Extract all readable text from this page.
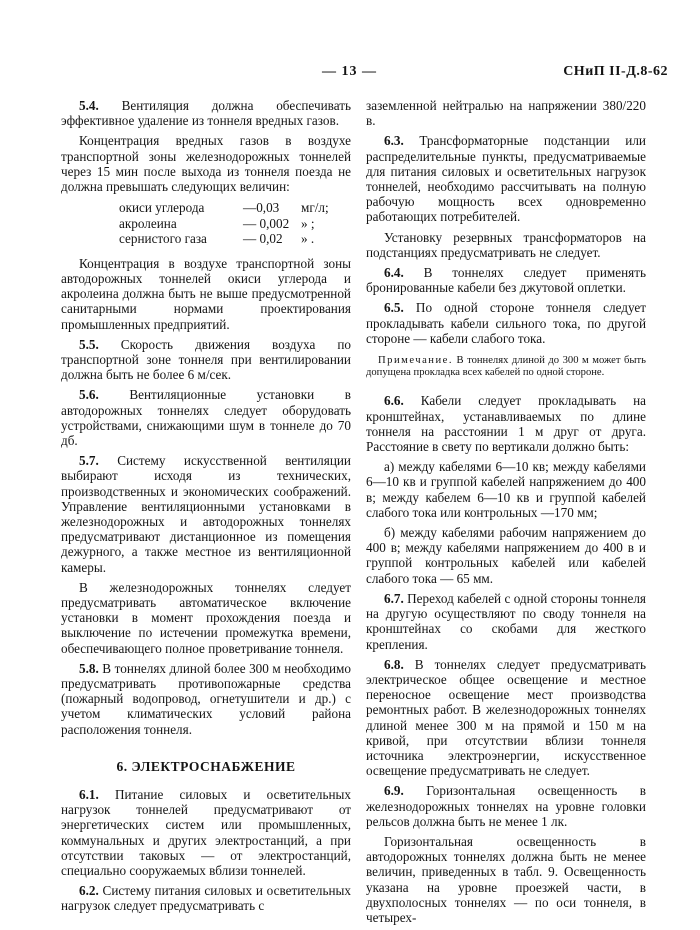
— 13 —	СНиП II-Д.8-62

5.4. Вентиляция должна обеспечивать эффективное удаление из тоннеля вредных газов.

Концентрация вредных газов в воздухе транспортной зоны железнодорожных тоннелей через 15 мин после выхода из тоннеля поезда не должна превышать следующих величин:

окиси углерода	—0,03	мг/л;
акролеина	— 0,002 » ;
сернистого газа	— 0,02	» .

Концентрация в воздухе транспортной зоны автодорожных тоннелей окиси углерода и акролеина должна быть не выше предусмотренной санитарными нормами проектирования промышленных предприятий.

5.5. Скорость движения воздуха по транспортной зоне тоннеля при вентилировании должна быть не более 6 м/сек.

5.6. Вентиляционные установки в автодорожных тоннелях следует оборудовать устройствами, снижающими шум в тоннеле до 70 дб.

5.7. Систему искусственной вентиляции выбирают исходя из технических, производственных и экономических соображений. Управление вентиляционными установками в железнодорожных и автодорожных тоннелях предусматривают дистанционное из помещения дежурного, а также местное из вентиляционной камеры.

В железнодорожных тоннелях следует предусматривать автоматическое включение установки в момент прохождения поезда и выключение по истечении промежутка времени, обеспечивающего полное проветривание тоннеля.

5.8. В тоннелях длиной более 300 м необходимо предусматривать противопожарные средства (пожарный водопровод, огнетушители и др.) с учетом климатических условий района расположения тоннеля.

6. ЭЛЕКТРОСНАБЖЕНИЕ

6.1. Питание силовых и осветительных нагрузок тоннелей предусматривают от энергетических систем или промышленных, коммунальных и других электростанций, а при отсутствии таковых — от электростанций, специально сооружаемых вблизи тоннелей.

6.2. Систему питания силовых и осветительных нагрузок следует предусматривать с

заземленной нейтралью на напряжении 380/220 в.

6.3. Трансформаторные подстанции или распределительные пункты, предусматриваемые для питания силовых и осветительных нагрузок тоннелей, необходимо рассчитывать на полную рабочую мощность всех одновременно работающих потребителей.

Установку резервных трансформаторов на подстанциях предусматривать не следует.

6.4. В тоннелях следует применять бронированные кабели без джутовой оплетки.

6.5. По одной стороне тоннеля следует прокладывать кабели сильного тока, по другой стороне — кабели слабого тока.

Примечание. В тоннелях длиной до 300 м может быть допущена прокладка всех кабелей по одной стороне.

6.6. Кабели следует прокладывать на кронштейнах, устанавливаемых по длине тоннеля на расстоянии 1 м друг от друга. Расстояние в свету по вертикали должно быть:

а) между кабелями 6—10 кв; между кабелями 6—10 кв и группой кабелей напряжением до 400 в; между кабелем 6—10 кв и группой кабелей слабого тока или контрольных —170 мм;

б) между кабелями рабочим напряжением до 400 в; между кабелями напряжением до 400 в и группой контрольных кабелей или кабелей слабого тока — 65 мм.

6.7. Переход кабелей с одной стороны тоннеля на другую осуществляют по своду тоннеля на кронштейнах со скобами для жесткого крепления.

6.8. В тоннелях следует предусматривать электрическое общее освещение и местное переносное освещение мест производства ремонтных работ. В железнодорожных тоннелях длиной менее 300 м на прямой и 150 м на кривой, при отсутствии вблизи тоннеля источника электроэнергии, искусственное освещение предусматривать не следует.

6.9. Горизонтальная освещенность в железнодорожных тоннелях на уровне головки рельсов должна быть не менее 1 лк.

Горизонтальная освещенность в автодорожных тоннелях должна быть не менее величин, приведенных в табл. 9. Освещенность указана на уровне проезжей части, в двухполосных тоннелях — по оси тоннеля, в четырех-
